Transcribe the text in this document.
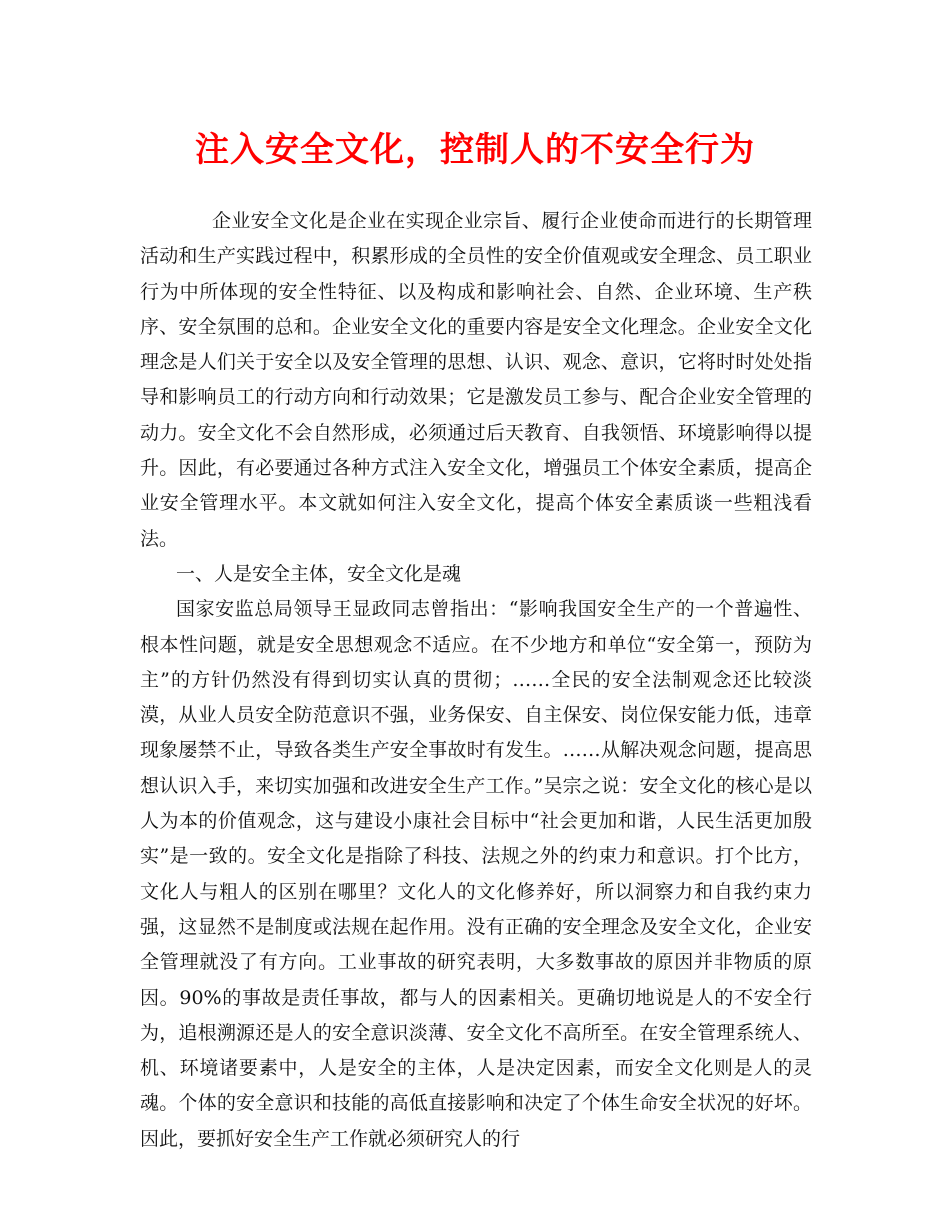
注入安全文化，控制人的不安全行为

企业安全文化是企业在实现企业宗旨、履行企业使命而进行的长期管理活动和生产实践过程中，积累形成的全员性的安全价值观或安全理念、员工职业行为中所体现的安全性特征、以及构成和影响社会、自然、企业环境、生产秩序、安全氛围的总和。企业安全文化的重要内容是安全文化理念。企业安全文化理念是人们关于安全以及安全管理的思想、认识、观念、意识，它将时时处处指导和影响员工的行动方向和行动效果；它是激发员工参与、配合企业安全管理的动力。安全文化不会自然形成，必须通过后天教育、自我领悟、环境影响得以提升。因此，有必要通过各种方式注入安全文化，增强员工个体安全素质，提高企业安全管理水平。本文就如何注入安全文化，提高个体安全素质谈一些粗浅看法。

一、人是安全主体，安全文化是魂

国家安监总局领导王显政同志曾指出：“影响我国安全生产的一个普遍性、根本性问题，就是安全思想观念不适应。在不少地方和单位“安全第一，预防为主”的方针仍然没有得到切实认真的贯彻；……全民的安全法制观念还比较淡漠，从业人员安全防范意识不强，业务保安、自主保安、岗位保安能力低，违章现象屡禁不止，导致各类生产安全事故时有发生。……从解决观念问题，提高思想认识入手，来切实加强和改进安全生产工作。”吴宗之说：安全文化的核心是以人为本的价值观念，这与建设小康社会目标中“社会更加和谐，人民生活更加殷实”是一致的。安全文化是指除了科技、法规之外的约束力和意识。打个比方，文化人与粗人的区别在哪里？文化人的文化修养好，所以洞察力和自我约束力强，这显然不是制度或法规在起作用。没有正确的安全理念及安全文化，企业安全管理就没了有方向。工业事故的研究表明，大多数事故的原因并非物质的原因。90%的事故是责任事故，都与人的因素相关。更确切地说是人的不安全行为，追根溯源还是人的安全意识淡薄、安全文化不高所至。在安全管理系统人、机、环境诸要素中，人是安全的主体，人是决定因素，而安全文化则是人的灵魂。个体的安全意识和技能的高低直接影响和决定了个体生命安全状况的好坏。因此，要抓好安全生产工作就必须研究人的行
